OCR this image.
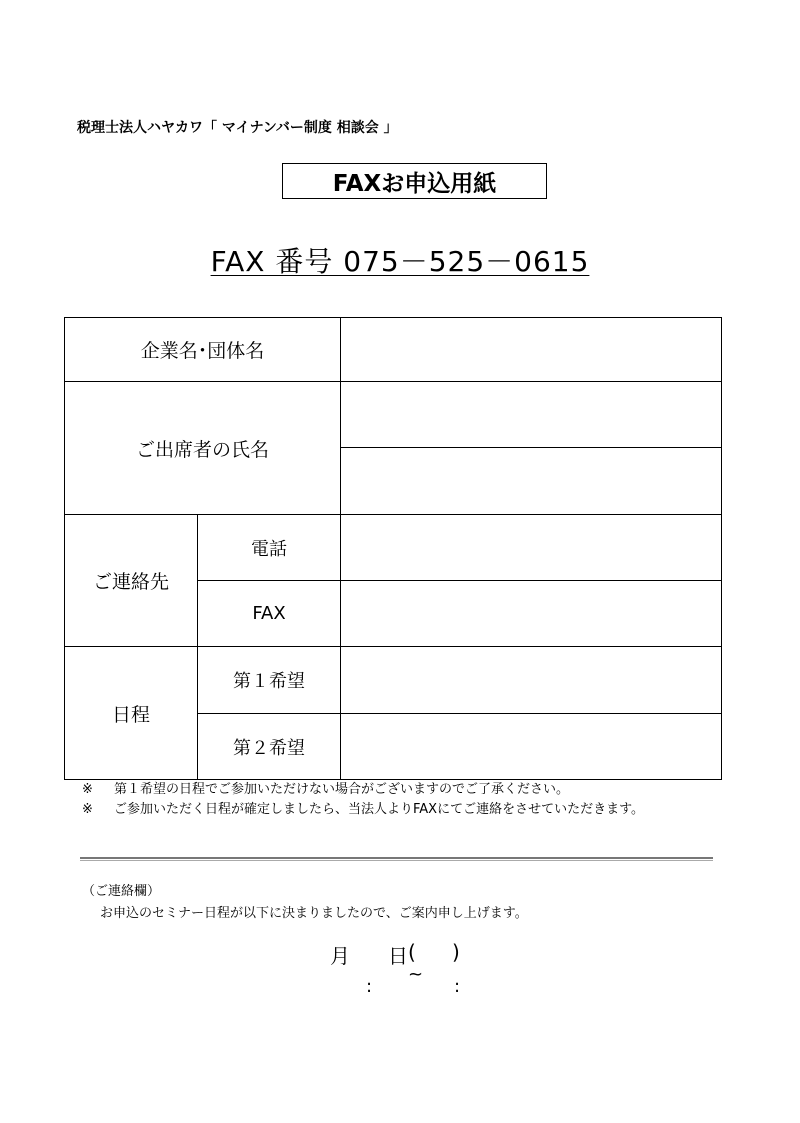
税理士法人ハヤカワ「 マイナンバー制度 相談会 」
FAXお申込用紙
FAX 番号 075－525－0615
企業名･団体名		
ご出席者の氏名		

ご連絡先	電話	
	FAX	
日程	第１希望	
	第２希望	
※ 第１希望の日程でご参加いただけない場合がございますのでご了承ください。
※ ご参加いただく日程が確定しましたら、当法人よりFAXにてご連絡をさせていただきます。
（ご連絡欄）
お申込のセミナー日程が以下に決まりましたので、ご案内申し上げます。
月 日 ( )
:
~
:
